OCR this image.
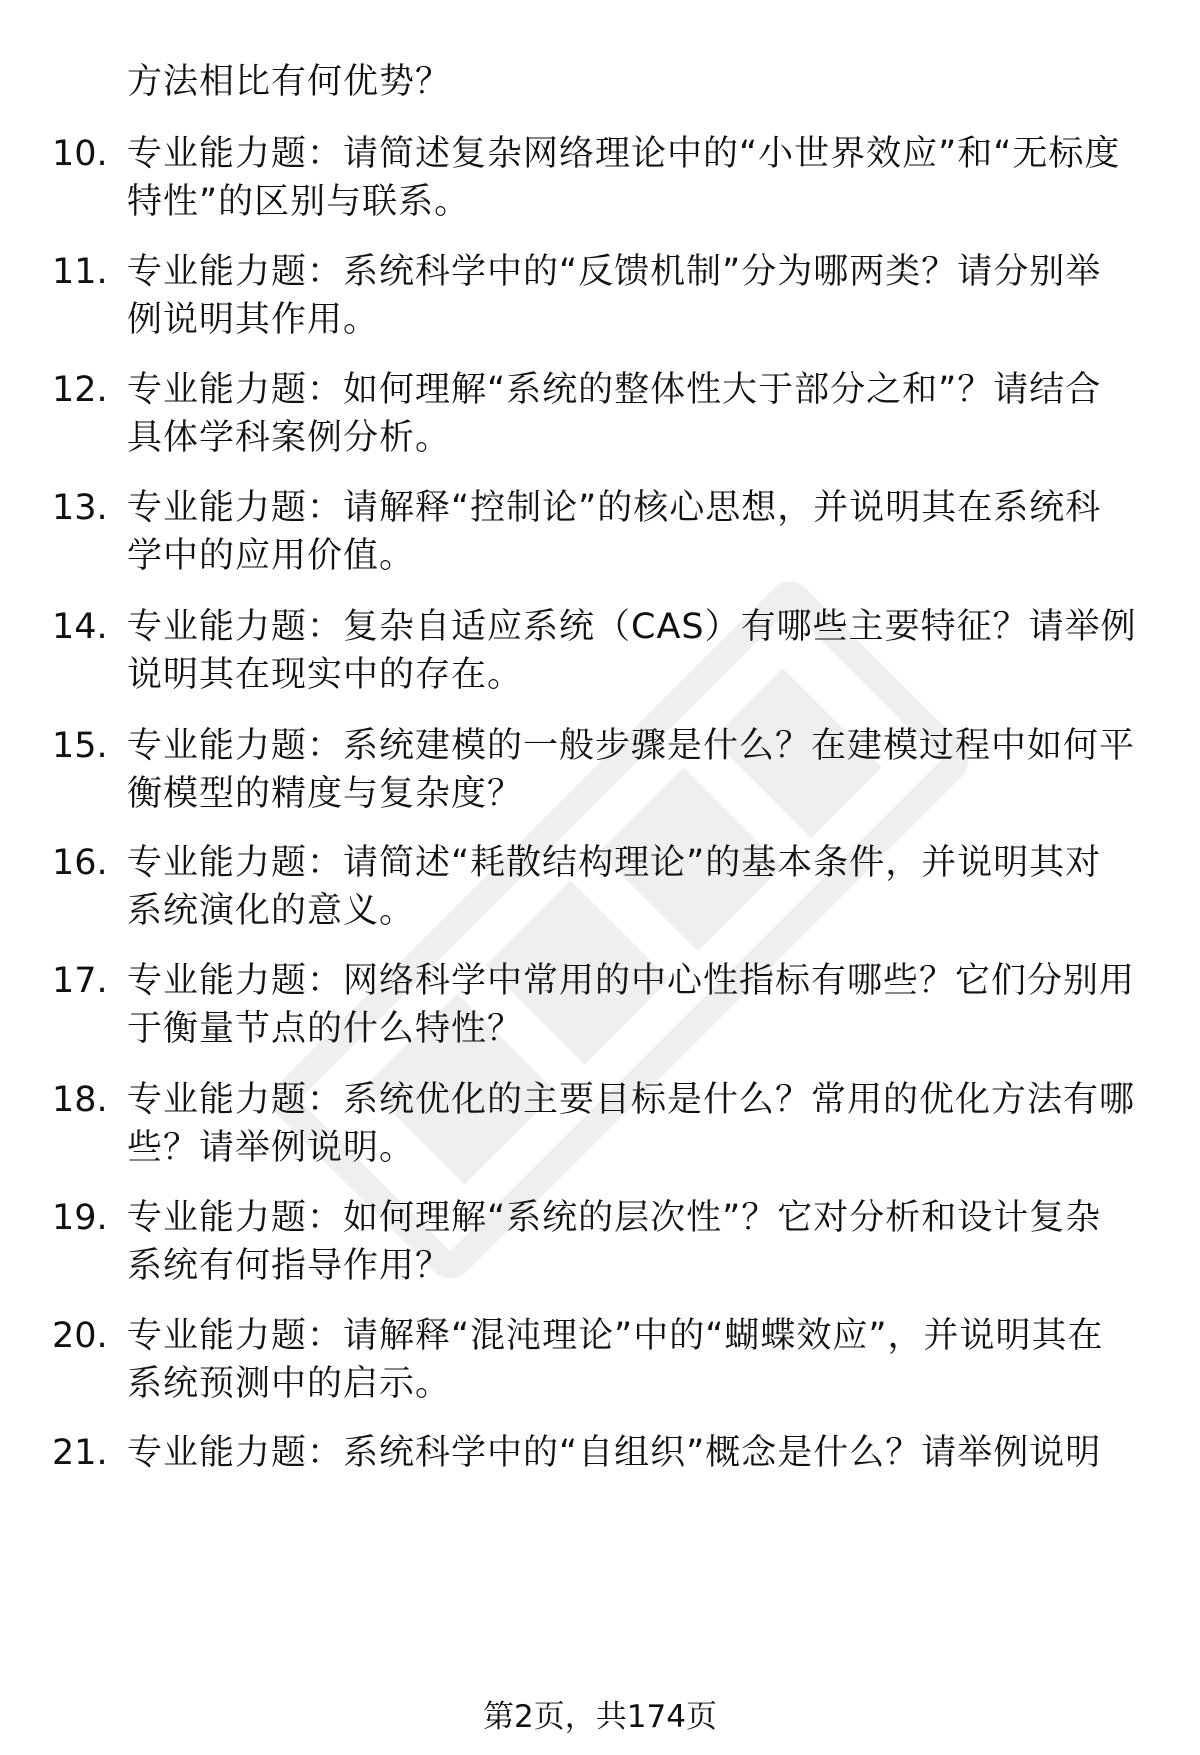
方法相比有何优势？
10. 专业能力题：请简述复杂网络理论中的“小世界效应”和“无标度特性”的区别与联系。
11. 专业能力题：系统科学中的“反馈机制”分为哪两类？请分别举例说明其作用。
12. 专业能力题：如何理解“系统的整体性大于部分之和”？请结合具体学科案例分析。
13. 专业能力题：请解释“控制论”的核心思想，并说明其在系统科学中的应用价值。
14. 专业能力题：复杂自适应系统（CAS）有哪些主要特征？请举例说明其在现实中的存在。
15. 专业能力题：系统建模的一般步骤是什么？在建模过程中如何平衡模型的精度与复杂度？
16. 专业能力题：请简述“耗散结构理论”的基本条件，并说明其对系统演化的意义。
17. 专业能力题：网络科学中常用的中心性指标有哪些？它们分别用于衡量节点的什么特性？
18. 专业能力题：系统优化的主要目标是什么？常用的优化方法有哪些？请举例说明。
19. 专业能力题：如何理解“系统的层次性”？它对分析和设计复杂系统有何指导作用？
20. 专业能力题：请解释“混沌理论”中的“蝴蝶效应”，并说明其在系统预测中的启示。
21. 专业能力题：系统科学中的“自组织”概念是什么？请举例说明
第2页，共174页
